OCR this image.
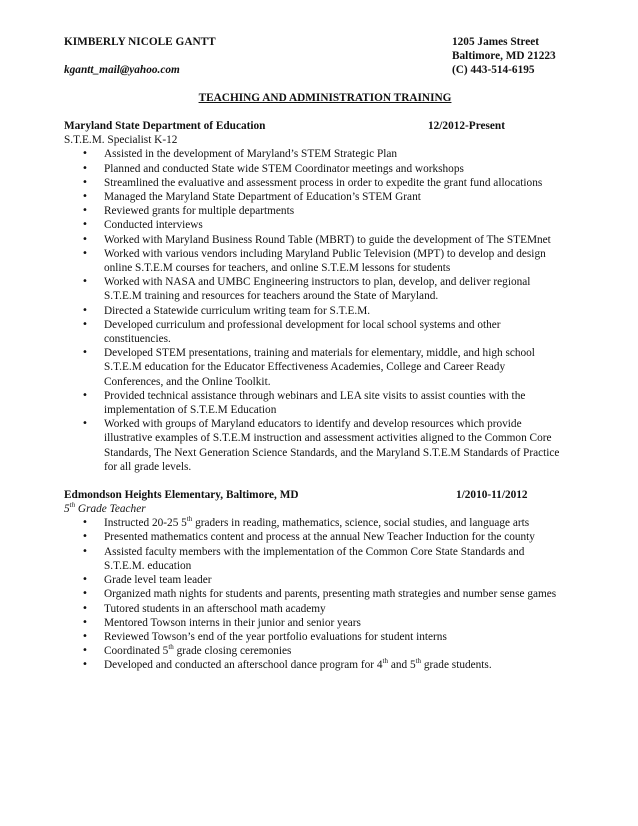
KIMBERLY NICOLE GANTT
kgantt_mail@yahoo.com
1205 James Street
Baltimore, MD 21223
(C) 443-514-6195
TEACHING AND ADMINISTRATION TRAINING
Maryland State Department of Education	12/2012-Present
S.T.E.M. Specialist K-12
• Assisted in the development of Maryland’s STEM Strategic Plan
• Planned and conducted State wide STEM Coordinator meetings and workshops
• Streamlined the evaluative and assessment process in order to expedite the grant fund allocations
• Managed the Maryland State Department of Education’s STEM Grant
• Reviewed grants for multiple departments
• Conducted interviews
• Worked with Maryland Business Round Table (MBRT) to guide the development of The STEMnet
• Worked with various vendors including Maryland Public Television (MPT) to develop and design online S.T.E.M courses for teachers, and online S.T.E.M lessons for students
• Worked with NASA and UMBC Engineering instructors to plan, develop, and deliver regional S.T.E.M training and resources for teachers around the State of Maryland.
• Directed a Statewide curriculum writing team for S.T.E.M.
• Developed curriculum and professional development for local school systems and other constituencies.
• Developed STEM presentations, training and materials for elementary, middle, and high school S.T.E.M education for the Educator Effectiveness Academies, College and Career Ready Conferences, and the Online Toolkit.
• Provided technical assistance through webinars and LEA site visits to assist counties with the implementation of S.T.E.M Education
• Worked with groups of Maryland educators to identify and develop resources which provide illustrative examples of S.T.E.M instruction and assessment activities aligned to the Common Core Standards, The Next Generation Science Standards, and the Maryland S.T.E.M Standards of Practice for all grade levels.
Edmondson Heights Elementary, Baltimore, MD	1/2010-11/2012
5th Grade Teacher
• Instructed 20-25 5th graders in reading, mathematics, science, social studies, and language arts
• Presented mathematics content and process at the annual New Teacher Induction for the county
• Assisted faculty members with the implementation of the Common Core State Standards and S.T.E.M. education
• Grade level team leader
• Organized math nights for students and parents, presenting math strategies and number sense games
• Tutored students in an afterschool math academy
• Mentored Towson interns in their junior and senior years
• Reviewed Towson’s end of the year portfolio evaluations for student interns
• Coordinated 5th grade closing ceremonies
• Developed and conducted an afterschool dance program for 4th and 5th grade students.
